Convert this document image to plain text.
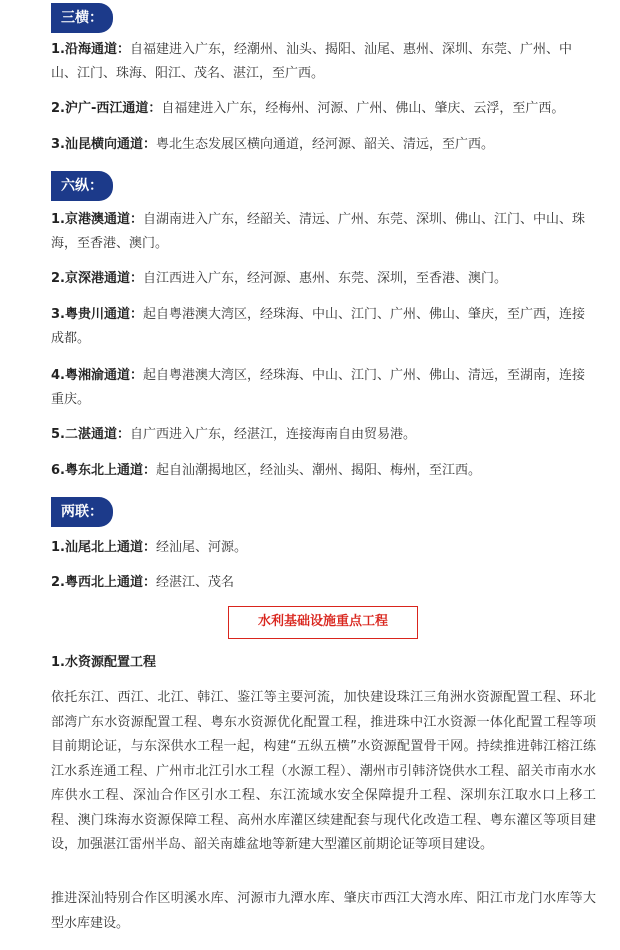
三横：

1.沿海通道：自福建进入广东，经潮州、汕头、揭阳、汕尾、惠州、深圳、东莞、广州、中山、江门、珠海、阳江、茂名、湛江，至广西。

2.沪广-西江通道：自福建进入广东，经梅州、河源、广州、佛山、肇庆、云浮，至广西。

3.汕昆横向通道：粤北生态发展区横向通道，经河源、韶关、清远，至广西。

六纵：

1.京港澳通道：自湖南进入广东，经韶关、清远、广州、东莞、深圳、佛山、江门、中山、珠海，至香港、澳门。

2.京深港通道：自江西进入广东，经河源、惠州、东莞、深圳，至香港、澳门。

3.粤贵川通道：起自粤港澳大湾区，经珠海、中山、江门、广州、佛山、肇庆，至广西，连接成都。

4.粤湘渝通道：起自粤港澳大湾区，经珠海、中山、江门、广州、佛山、清远，至湖南，连接重庆。

5.二湛通道：自广西进入广东，经湛江，连接海南自由贸易港。

6.粤东北上通道：起自汕潮揭地区，经汕头、潮州、揭阳、梅州，至江西。

两联：

1.汕尾北上通道：经汕尾、河源。

2.粤西北上通道：经湛江、茂名

水利基础设施重点工程

1.水资源配置工程

依托东江、西江、北江、韩江、鉴江等主要河流，加快建设珠江三角洲水资源配置工程、环北部湾广东水资源配置工程、粤东水资源优化配置工程，推进珠中江水资源一体化配置工程等项目前期论证，与东深供水工程一起，构建“五纵五横”水资源配置骨干网。持续推进韩江榕江练江水系连通工程、广州市北江引水工程（水源工程）、潮州市引韩济饶供水工程、韶关市南水水库供水工程、深汕合作区引水工程、东江流域水安全保障提升工程、深圳东江取水口上移工程、澳门珠海水资源保障工程、高州水库灌区续建配套与现代化改造工程、粤东灌区等项目建设，加强湛江雷州半岛、韶关南雄盆地等新建大型灌区前期论证等项目建设。

推进深汕特别合作区明溪水库、河源市九潭水库、肇庆市西江大湾水库、阳江市龙门水库等大型水库建设。
